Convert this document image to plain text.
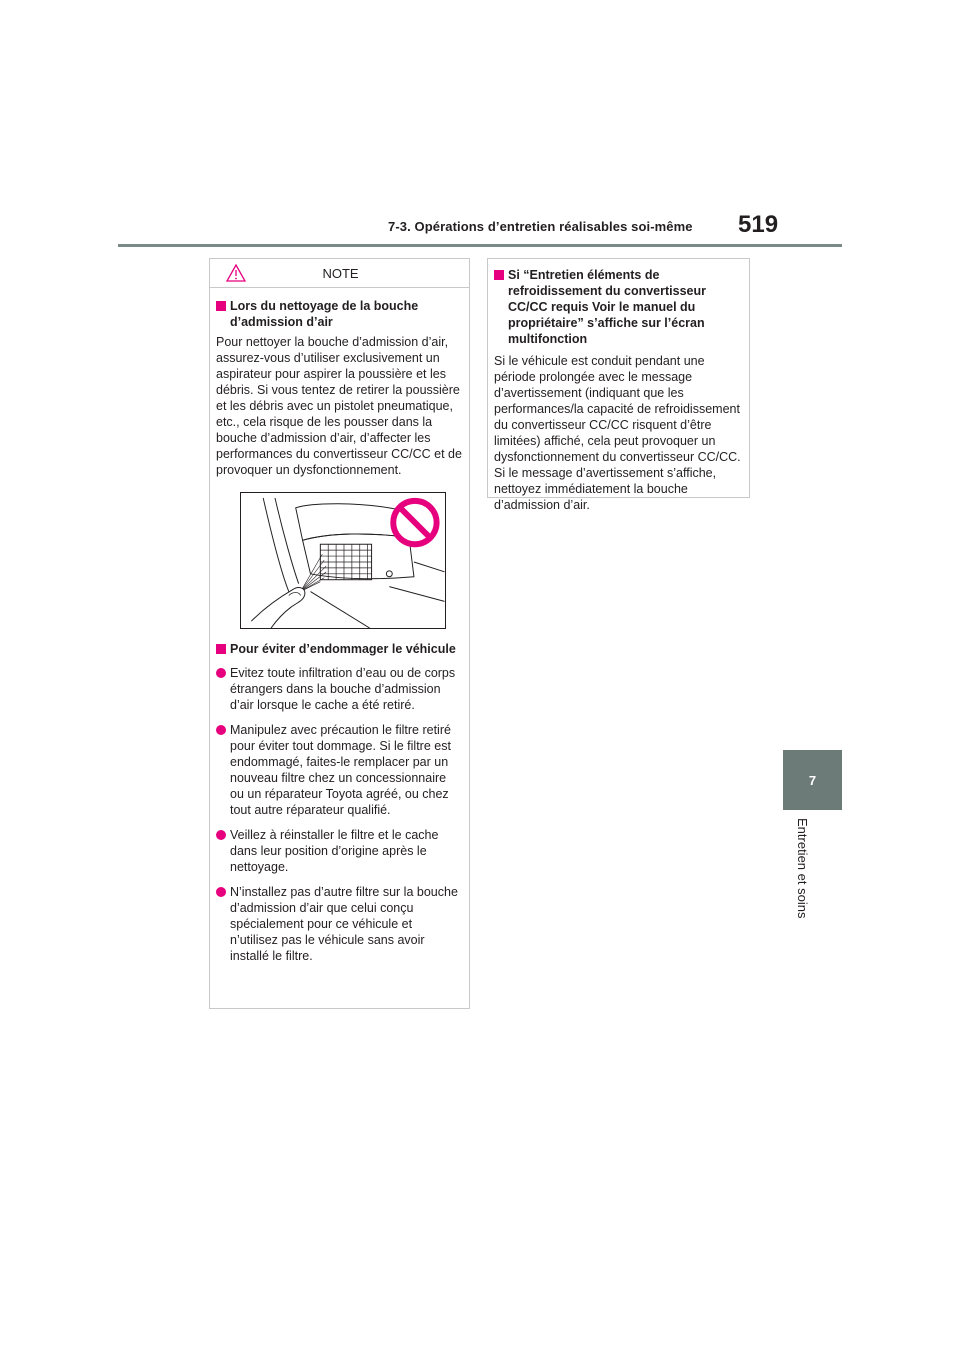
7-3. Opérations d’entretien réalisables soi-même 519
7
Entretien et soins
NOTE
Lors du nettoyage de la bouche d’admission d’air
Pour nettoyer la bouche d’admission d’air, assurez-vous d’utiliser exclusivement un aspirateur pour aspirer la poussière et les débris. Si vous tentez de retirer la poussière et les débris avec un pistolet pneumatique, etc., cela risque de les pousser dans la bouche d’admission d’air, d’affecter les performances du convertisseur CC/CC et de provoquer un dysfonctionnement.
Pour éviter d’endommager le véhicule
Evitez toute infiltration d’eau ou de corps étrangers dans la bouche d’admission d’air lorsque le cache a été retiré.
Manipulez avec précaution le filtre retiré pour éviter tout dommage. Si le filtre est endommagé, faites-le remplacer par un nouveau filtre chez un concessionnaire ou un réparateur Toyota agréé, ou chez tout autre réparateur qualifié.
Veillez à réinstaller le filtre et le cache dans leur position d’origine après le nettoyage.
N’installez pas d’autre filtre sur la bouche d’admission d’air que celui conçu spécialement pour ce véhicule et n’utilisez pas le véhicule sans avoir installé le filtre.
Si “Entretien éléments de refroidissement du convertisseur CC/CC requis Voir le manuel du propriétaire” s’affiche sur l’écran multifonction
Si le véhicule est conduit pendant une période prolongée avec le message d’avertissement (indiquant que les performances/la capacité de refroidissement du convertisseur CC/CC risquent d’être limitées) affiché, cela peut provoquer un dysfonctionnement du convertisseur CC/CC. Si le message d’avertissement s’affiche, nettoyez immédiatement la bouche d’admission d’air.
